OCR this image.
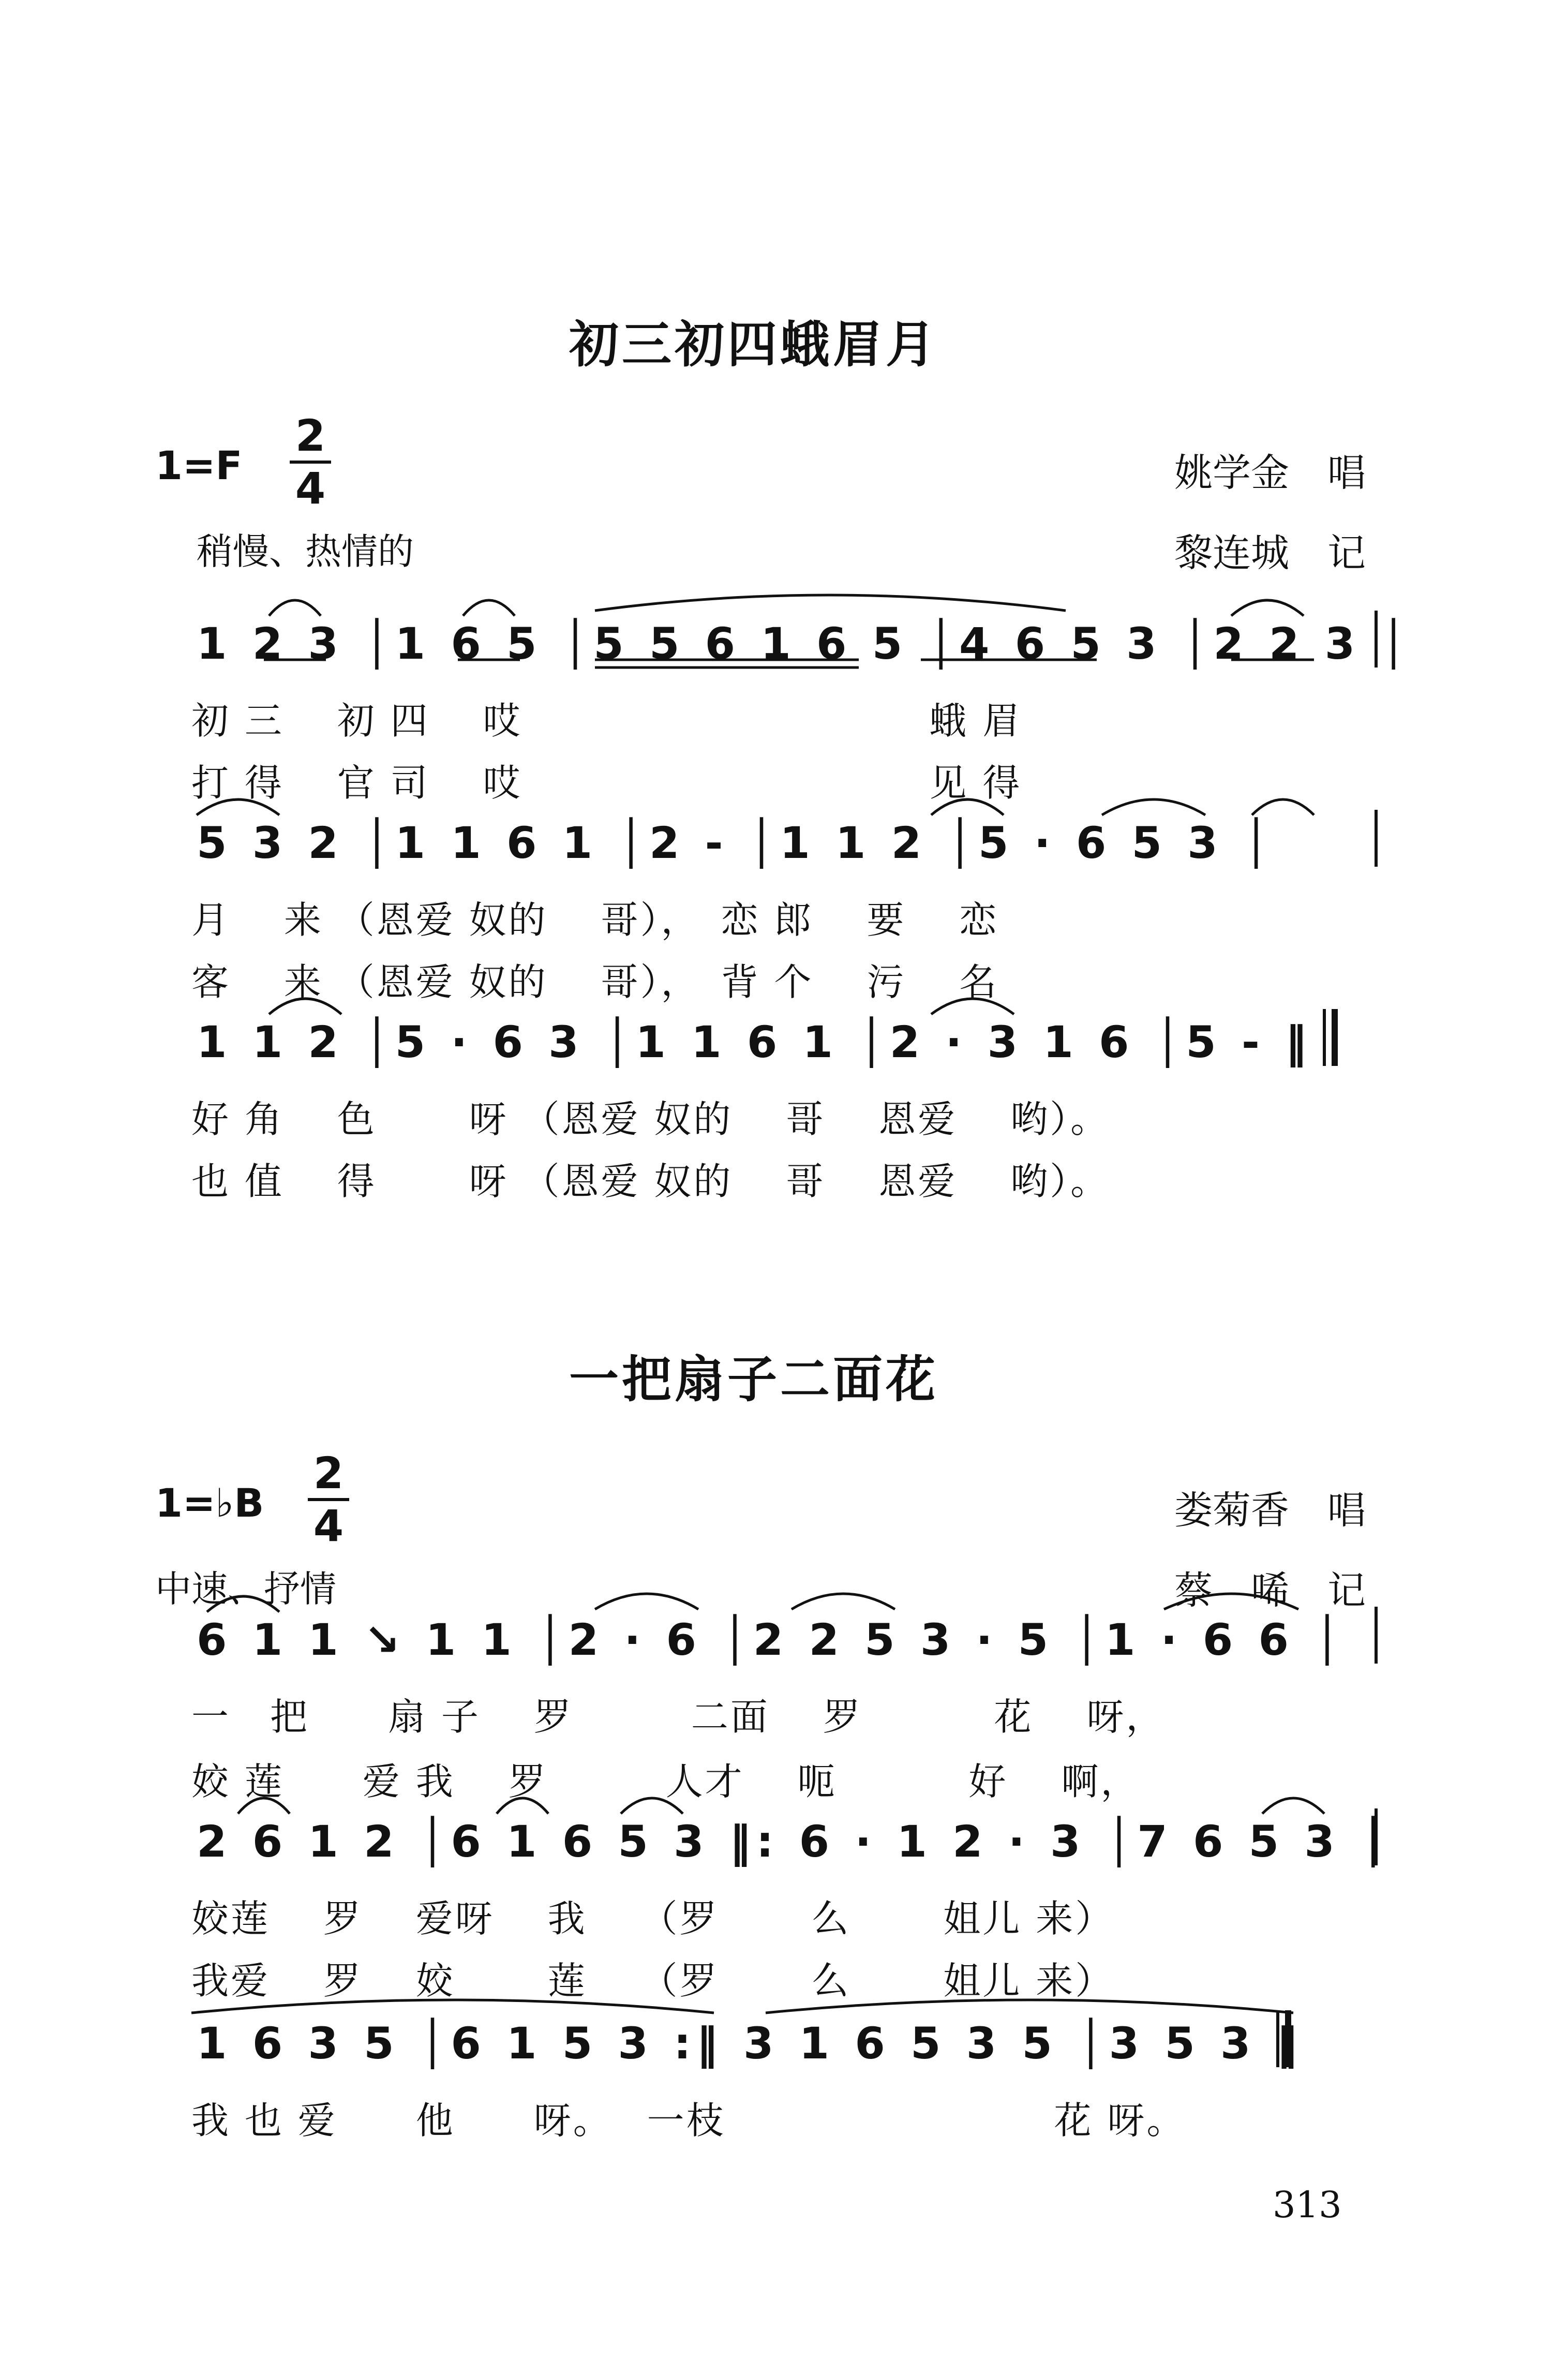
初三初四蛾眉月
1=F
2
4	姚学金　唱
稍慢、热情的	黎连城　记
1 2 3 │1 6 5 │5 5 6 1 6 5 │4 6 5 3 │2 2 3 │
初 三　 初 四　 哎　　　　　　　　　　 蛾 眉
打 得　 官 司　 哎　　　　　　　　　　 见 得
5 3 2 │1 1 6 1 │2 - │1 1 2 │5 · 6 5 3 │
月　 来 （恩爱 奴的　 哥），　恋 郎　 要　 恋
客　 来 （恩爱 奴的　 哥），　背 个　 污　 名
1 1 2 │5 · 6 3 │1 1 6 1 │2 · 3 1 6 │5 - ‖
好 角　 色　　 呀 （恩爱 奴的　 哥　 恩爱　 哟）。
也 值　 得　　 呀 （恩爱 奴的　 哥　 恩爱　 哟）。
一把扇子二面花
1=♭B
2
4	娄菊香　唱
中速、抒情	蔡　唏　记
6 1 1 ↘ 1 1 │2 · 6 │2 2 5 3 · 5 │1 · 6 6 │
一　把　　扇 子　 罗　　　二面　 罗　　　 花　 呀，
姣 莲　　爱 我　 罗　　　人才　 呃　　　 好　 啊，
2 6 1 2 │6 1 6 5 3 ‖: 6 · 1 2 · 3 │7 6 5 3 │
姣莲　 罗　 爱呀　 我　 （罗　　 么　　 姐儿 来）
我爱　 罗　 姣　　 莲　 （罗　　 么　　 姐儿 来）
1 6 3 5 │6 1 5 3 :‖ 3 1 6 5 3 5 │3 5 3 ‖
我 也 爱　　他　　呀。　 一枝　　　　　　　　 花 呀。
313
